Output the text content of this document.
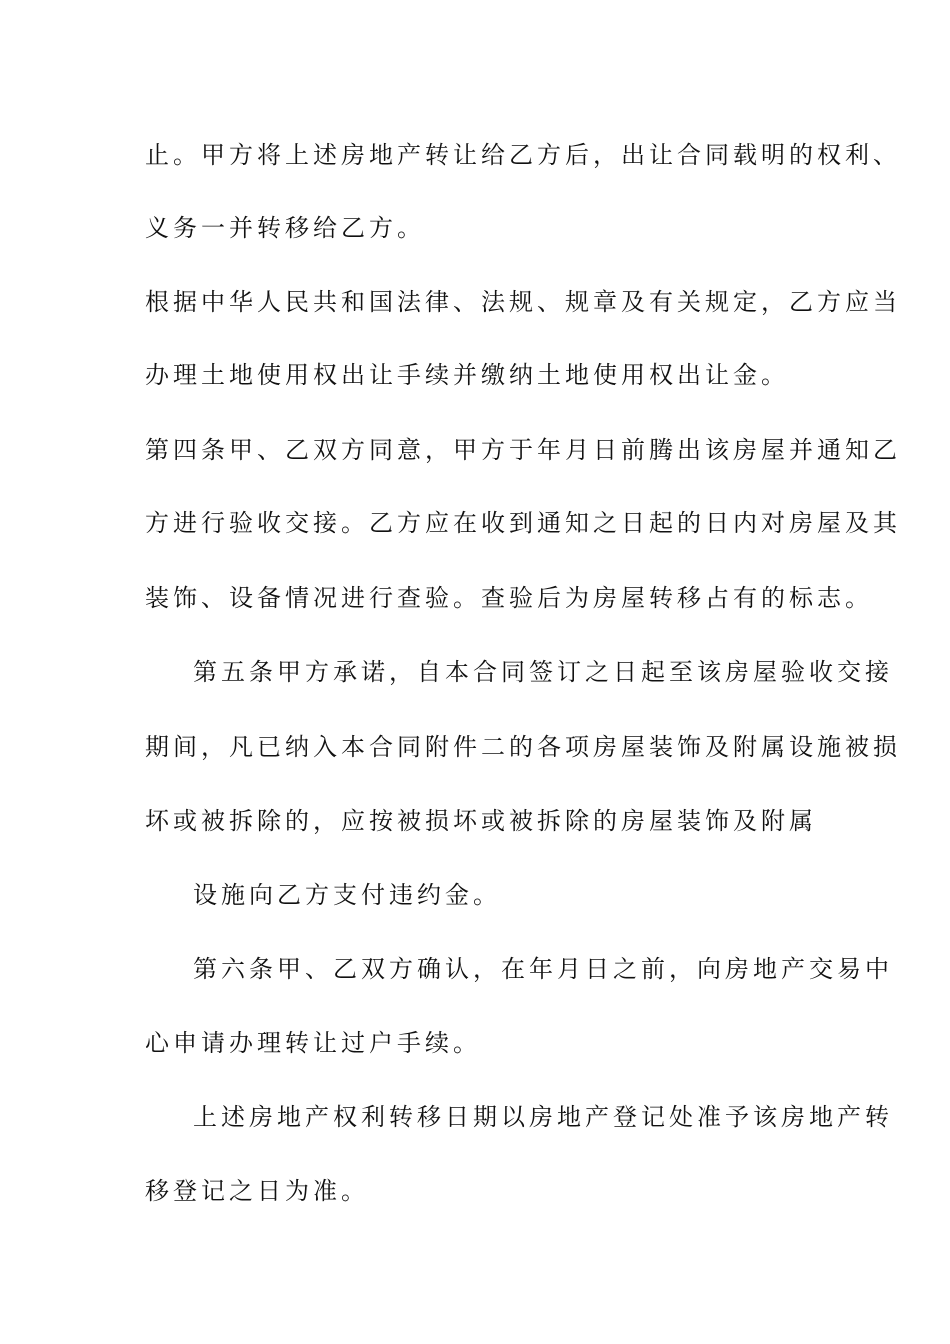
止。甲方将上述房地产转让给乙方后，出让合同载明的权利、
义务一并转移给乙方。
根据中华人民共和国法律、法规、规章及有关规定，乙方应当
办理土地使用权出让手续并缴纳土地使用权出让金。
第四条甲、乙双方同意，甲方于年月日前腾出该房屋并通知乙
方进行验收交接。乙方应在收到通知之日起的日内对房屋及其
装饰、设备情况进行查验。查验后为房屋转移占有的标志。
第五条甲方承诺，自本合同签订之日起至该房屋验收交接
期间，凡已纳入本合同附件二的各项房屋装饰及附属设施被损
坏或被拆除的，应按被损坏或被拆除的房屋装饰及附属
设施向乙方支付违约金。
第六条甲、乙双方确认，在年月日之前，向房地产交易中
心申请办理转让过户手续。
上述房地产权利转移日期以房地产登记处准予该房地产转
移登记之日为准。
